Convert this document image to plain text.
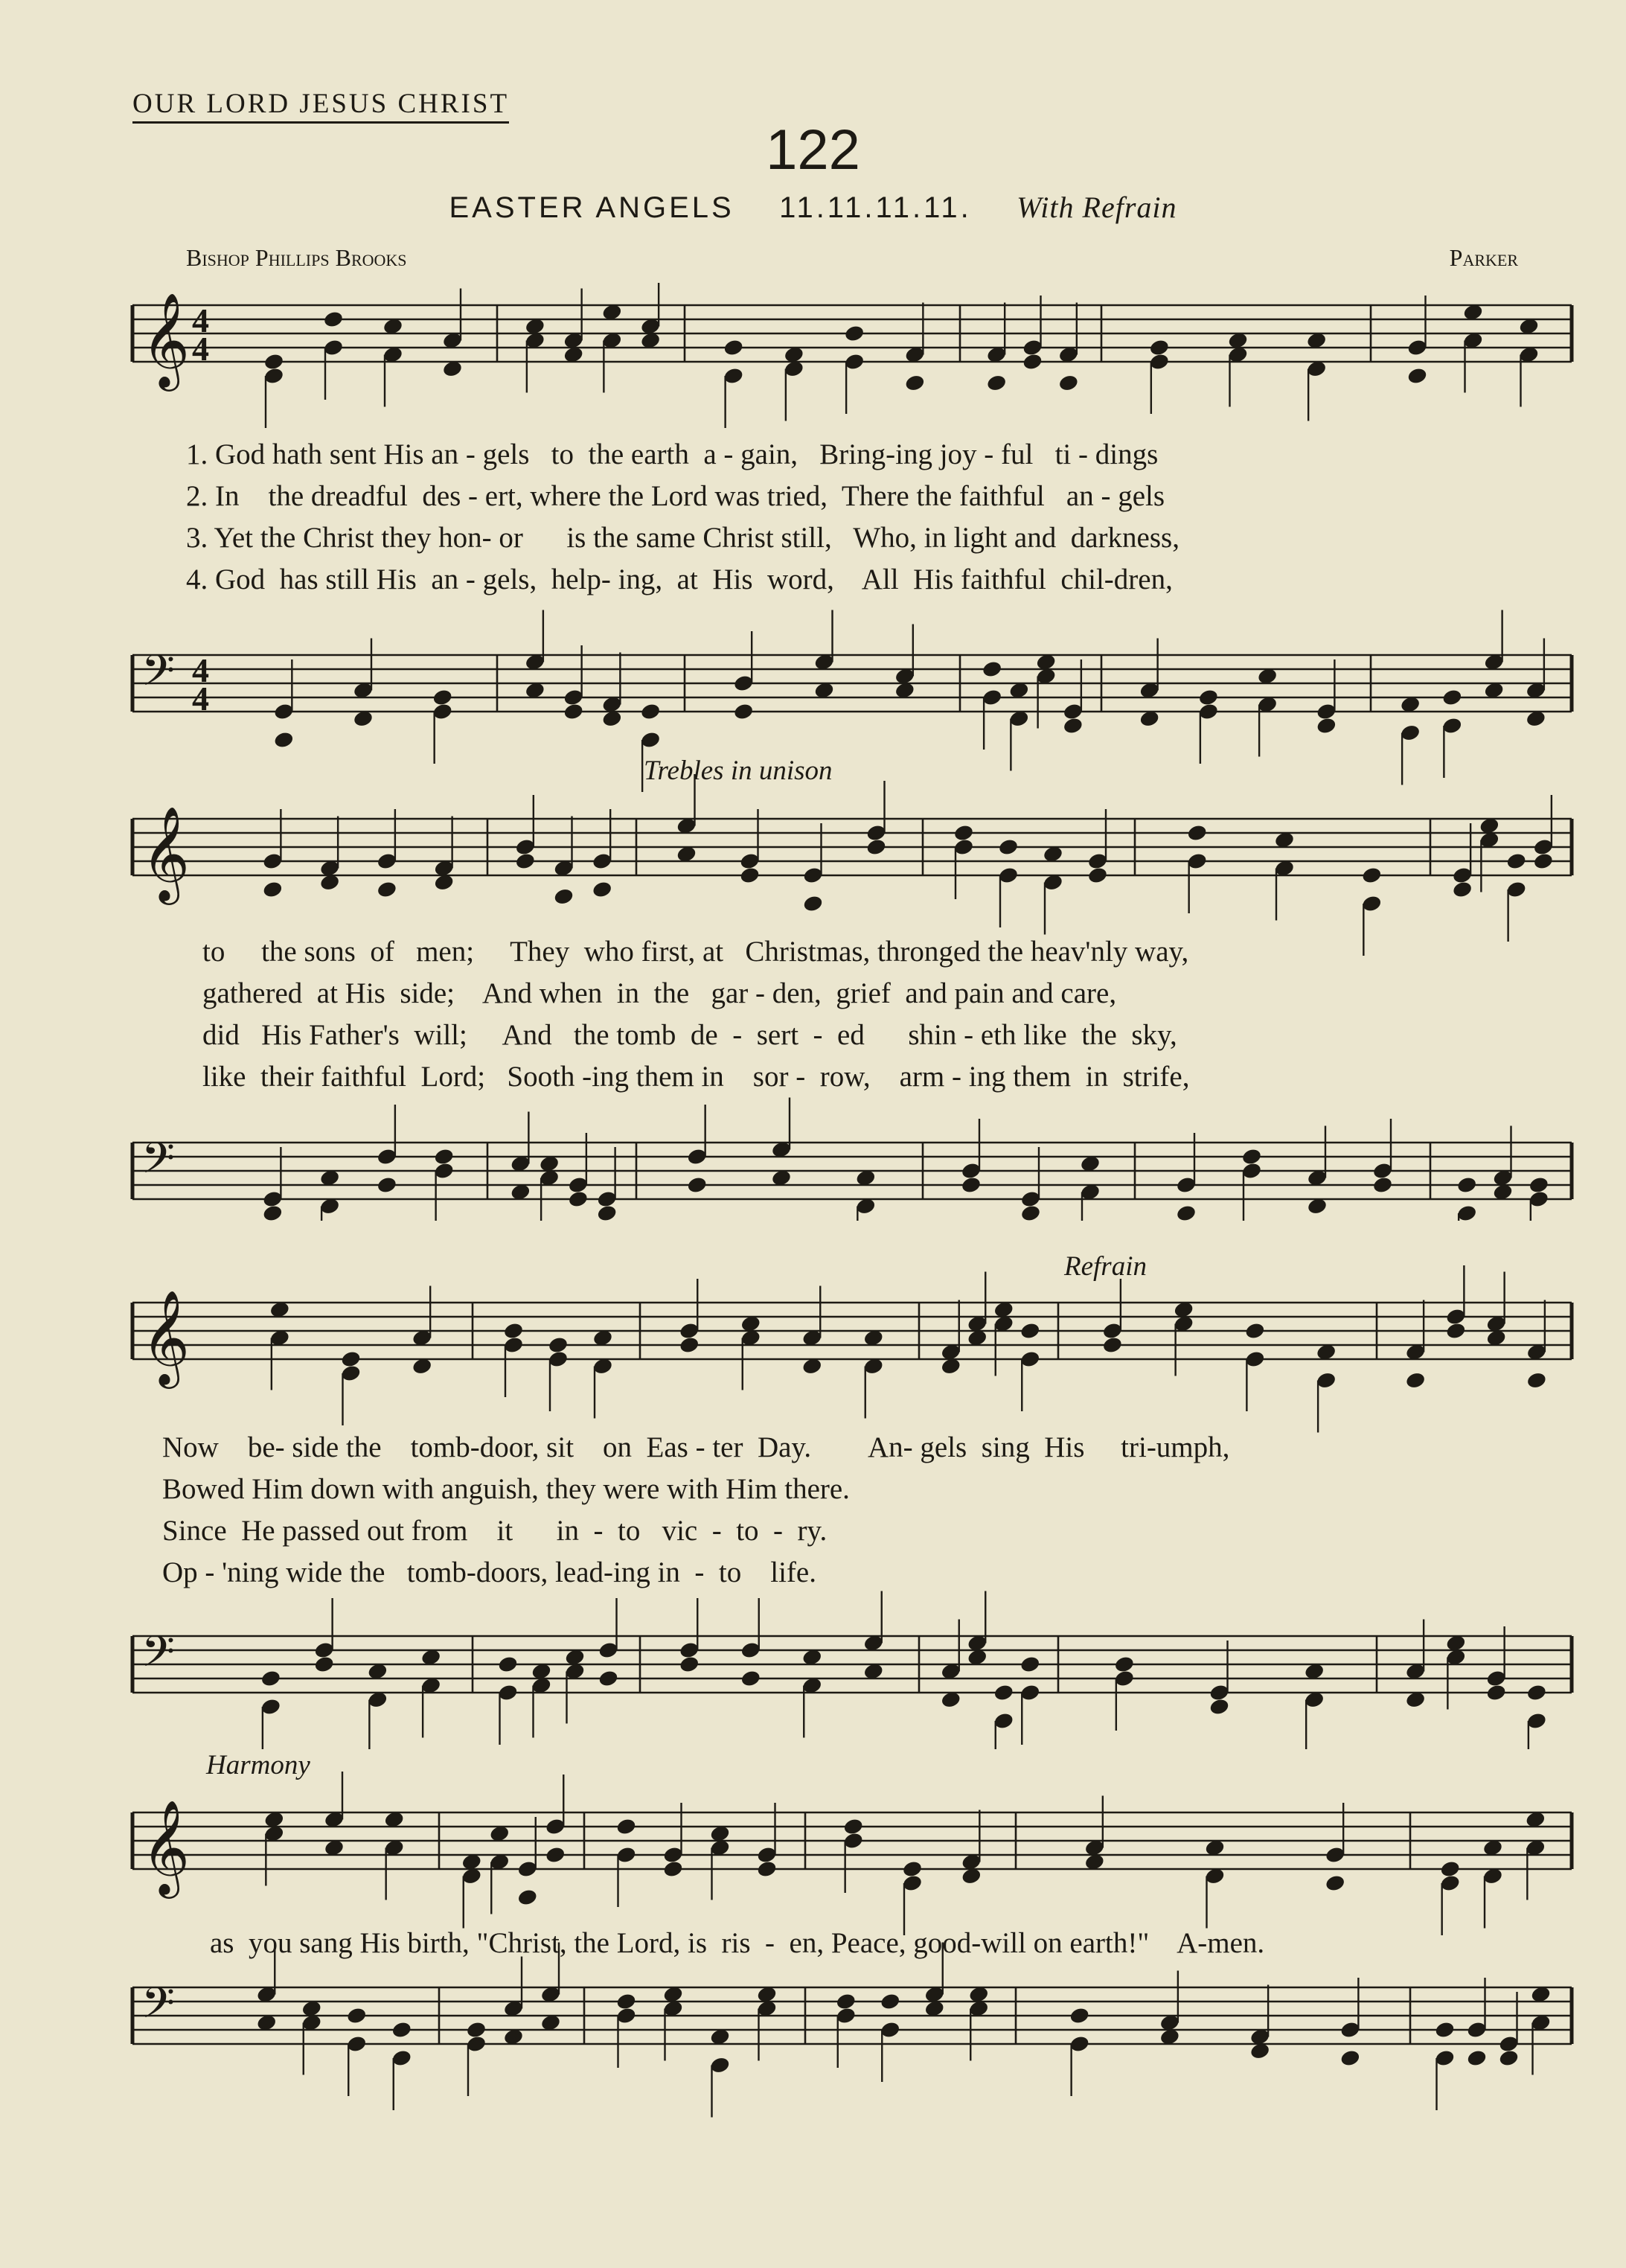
OUR LORD JESUS CHRIST
122
EASTER ANGELS 11.11.11.11. With Refrain
Bishop Phillips Brooks	Parker
Trebles in unison
Refrain
Harmony
𝄞 4
4
𝄢 4
4
1. God hath sent His an - gels   to  the earth  a - gain,   Bring-ing joy - ful   ti - dings
2. In    the dreadful  des - ert, where the Lord was tried,  There the faithful   an - gels
3. Yet the Christ they hon- or      is the same Christ still,   Who, in light and  darkness,
4. God  has still His  an - gels,  help- ing,  at  His  word,    All  His faithful  chil-dren,
𝄞
𝄢
to     the sons  of   men;     They  who first, at   Christmas, thronged the heav'nly way,
gathered  at His  side;    And when  in  the   gar - den,  grief  and pain and care,
did   His Father's  will;     And   the tomb  de  -  sert  -  ed      shin - eth like  the  sky,
like  their faithful  Lord;   Sooth -ing them in    sor -  row,    arm - ing them  in  strife,
𝄞
𝄢
Now    be- side the    tomb-door, sit    on  Eas - ter  Day.        An- gels  sing  His     tri-umph,
Bowed Him down with anguish, they were with Him there.
Since  He passed out from    it      in  -  to   vic  -  to  -  ry.
Op - 'ning wide the   tomb-doors, lead-ing in  -  to    life.
𝄞
𝄢
as  you sang His birth, "Christ, the Lord, is  ris  -  en, Peace, good-will on earth!"    A-men.
